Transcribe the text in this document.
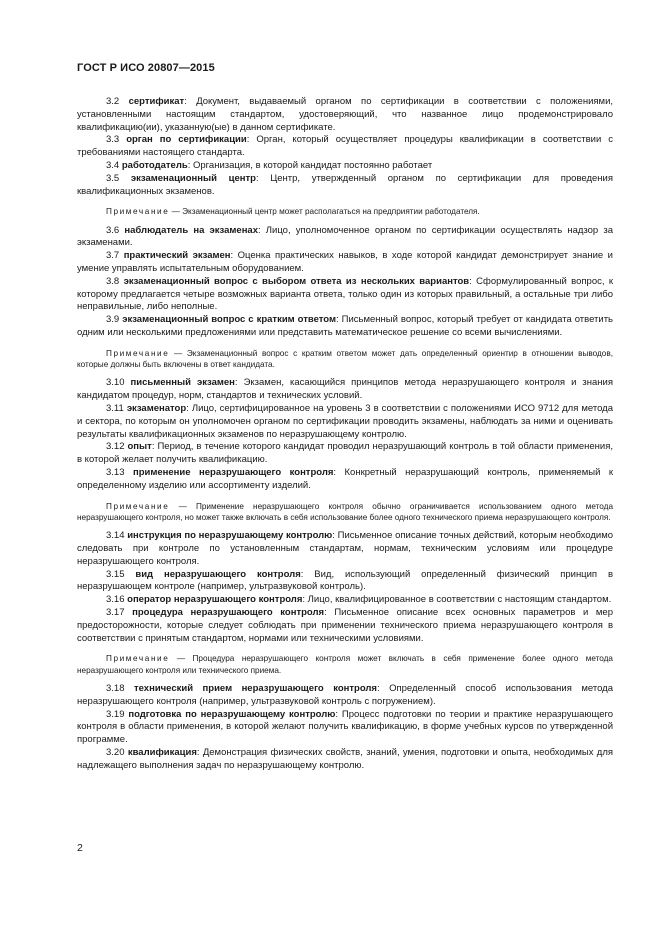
ГОСТ Р ИСО 20807—2015

3.2 сертификат: Документ, выдаваемый органом по сертификации в соответствии с положениями, установленными настоящим стандартом, удостоверяющий, что названное лицо продемонстрировало квалификацию(ии), указанную(ые) в данном сертификате.

3.3 орган по сертификации: Орган, который осуществляет процедуры квалификации в соответствии с требованиями настоящего стандарта.

3.4 работодатель: Организация, в которой кандидат постоянно работает

3.5 экзаменационный центр: Центр, утвержденный органом по сертификации для проведения квалификационных экзаменов.

Примечание — Экзаменационный центр может располагаться на предприятии работодателя.

3.6 наблюдатель на экзаменах: Лицо, уполномоченное органом по сертификации осуществлять надзор за экзаменами.

3.7 практический экзамен: Оценка практических навыков, в ходе которой кандидат демонстрирует знание и умение управлять испытательным оборудованием.

3.8 экзаменационный вопрос с выбором ответа из нескольких вариантов: Сформулированный вопрос, к которому предлагается четыре возможных варианта ответа, только один из которых правильный, а остальные три либо неправильные, либо неполные.

3.9 экзаменационный вопрос с кратким ответом: Письменный вопрос, который требует от кандидата ответить одним или несколькими предложениями или представить математическое решение со всеми вычислениями.

Примечание — Экзаменационный вопрос с кратким ответом может дать определенный ориентир в отношении выводов, которые должны быть включены в ответ кандидата.

3.10 письменный экзамен: Экзамен, касающийся принципов метода неразрушающего контроля и знания кандидатом процедур, норм, стандартов и технических условий.

3.11 экзаменатор: Лицо, сертифицированное на уровень 3 в соответствии с положениями ИСО 9712 для метода и сектора, по которым он уполномочен органом по сертификации проводить экзамены, наблюдать за ними и оценивать результаты квалификационных экзаменов по неразрушающему контролю.

3.12 опыт: Период, в течение которого кандидат проводил неразрушающий контроль в той области применения, в которой желает получить квалификацию.

3.13 применение неразрушающего контроля: Конкретный неразрушающий контроль, применяемый к определенному изделию или ассортименту изделий.

Примечание — Применение неразрушающего контроля обычно ограничивается использованием одного метода неразрушающего контроля, но может также включать в себя использование более одного технического приема неразрушающего контроля.

3.14 инструкция по неразрушающему контролю: Письменное описание точных действий, которым необходимо следовать при контроле по установленным стандартам, нормам, техническим условиям или процедуре неразрушающего контроля.

3.15 вид неразрушающего контроля: Вид, использующий определенный физический принцип в неразрушающем контроле (например, ультразвуковой контроль).

3.16 оператор неразрушающего контроля: Лицо, квалифицированное в соответствии с настоящим стандартом.

3.17 процедура неразрушающего контроля: Письменное описание всех основных параметров и мер предосторожности, которые следует соблюдать при применении технического приема неразрушающего контроля в соответствии с принятым стандартом, нормами или техническими условиями.

Примечание — Процедура неразрушающего контроля может включать в себя применение более одного метода неразрушающего контроля или технического приема.

3.18 технический прием неразрушающего контроля: Определенный способ использования метода неразрушающего контроля (например, ультразвуковой контроль с погружением).

3.19 подготовка по неразрушающему контролю: Процесс подготовки по теории и практике неразрушающего контроля в области применения, в которой желают получить квалификацию, в форме учебных курсов по утвержденной программе.

3.20 квалификация: Демонстрация физических свойств, знаний, умения, подготовки и опыта, необходимых для надлежащего выполнения задач по неразрушающему контролю.

2
